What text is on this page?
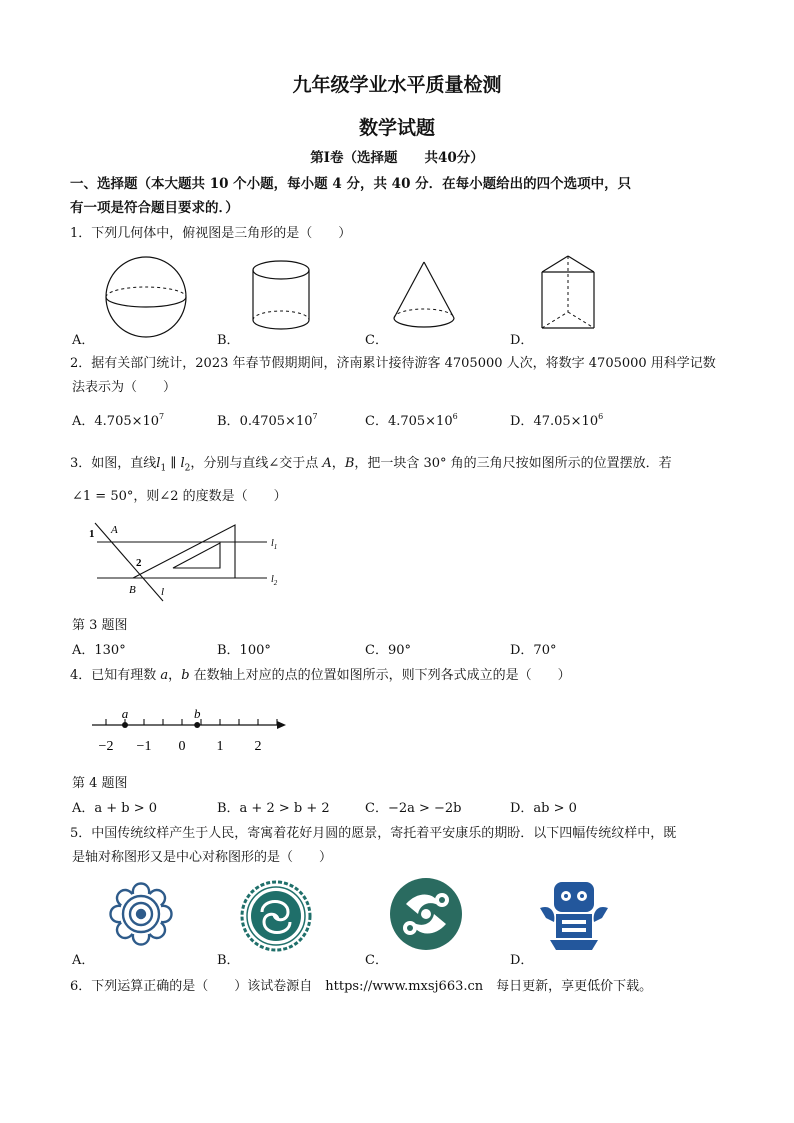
九年级学业水平质量检测
数学试题
第Ⅰ卷（选择题　　共40分）
一、选择题（本大题共 10 个小题，每小题 4 分，共 40 分．在每小题给出的四个选项中，只
有一项是符合题目要求的．）
1．下列几何体中，俯视图是三角形的是（　　）
A．	B．	C．	D．
2．据有关部门统计，2023 年春节假期期间，济南累计接待游客 4705000 人次，将数字 4705000 用科学记数
法表示为（　　）
A．$4.705\times 10^7$	B．$0.4705\times 10^7$	C．$4.705\times 10^6$	D．$47.05\times 10^6$
3．如图，直线$l_1$ ∥ $l_2$，分别与直线∠交于点 A，B，把一块含 30° 角的三角尺按如图所示的位置摆放．若
∠1 = 50°，则∠2 的度数是（　　）
1 A
2
B l
$l_1$
$l_2$
第 3 题图
A．130°	B．100°	C．90°	D．70°
4．已知有理数 a，b 在数轴上对应的点的位置如图所示，则下列各式成立的是（　　）
−2 −1 0 1 2
a	b
第 4 题图
A．a + b > 0	B．a + 2 > b + 2	C．−2a > −2b	D．ab > 0
5．中国传统纹样产生于人民，寄寓着花好月圆的愿景，寄托着平安康乐的期盼．以下四幅传统纹样中，既
是轴对称图形又是中心对称图形的是（　　）
A．	B．	C．	D．
6．下列运算正确的是（　　）该试卷源自　https://www.mxsj663.cn　每日更新，享更低价下载。
